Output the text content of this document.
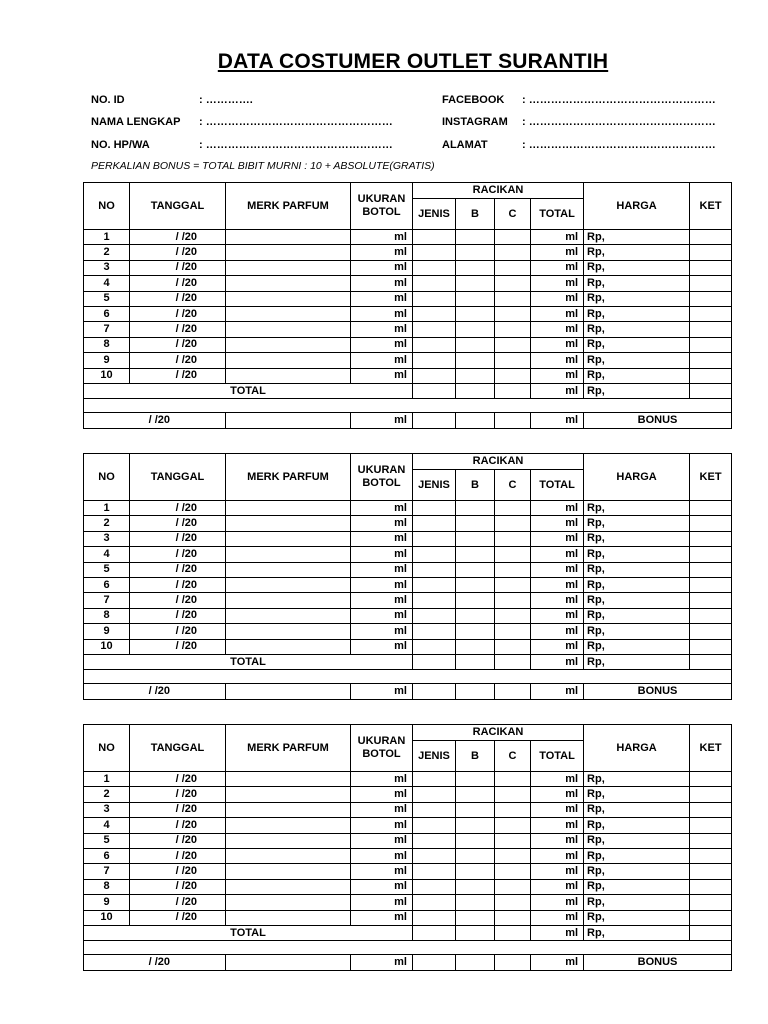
DATA COSTUMER OUTLET SURANTIH
NO. ID	: ………….
NAMA LENGKAP : ……………………………………………
NO. HP/WA	: ……………………………………………
FACEBOOK : ……………………………………………
INSTAGRAM : ……………………………………………
ALAMAT	: ……………………………………………
PERKALIAN BONUS = TOTAL BIBIT MURNI : 10 + ABSOLUTE(GRATIS)
NO	TANGGAL	MERK PARFUM	UKURAN
BOTOL	RACIKAN				HARGA	KET
				JENIS	B	C	TOTAL		
1	/ /20		ml				ml	Rp,	
2	/ /20		ml				ml	Rp,	
3	/ /20		ml				ml	Rp,	
4	/ /20		ml				ml	Rp,	
5	/ /20		ml				ml	Rp,	
6	/ /20		ml				ml	Rp,	
7	/ /20		ml				ml	Rp,	
8	/ /20		ml				ml	Rp,	
9	/ /20		ml				ml	Rp,	
10	/ /20		ml				ml	Rp,	
TOTAL							ml	Rp,	

/ /20			ml				ml	BONUS	
NO	TANGGAL	MERK PARFUM	UKURAN
BOTOL	RACIKAN				HARGA	KET
				JENIS	B	C	TOTAL		
1	/ /20		ml				ml	Rp,	
2	/ /20		ml				ml	Rp,	
3	/ /20		ml				ml	Rp,	
4	/ /20		ml				ml	Rp,	
5	/ /20		ml				ml	Rp,	
6	/ /20		ml				ml	Rp,	
7	/ /20		ml				ml	Rp,	
8	/ /20		ml				ml	Rp,	
9	/ /20		ml				ml	Rp,	
10	/ /20		ml				ml	Rp,	
TOTAL							ml	Rp,	

/ /20			ml				ml	BONUS	
NO	TANGGAL	MERK PARFUM	UKURAN
BOTOL	RACIKAN				HARGA	KET
				JENIS	B	C	TOTAL		
1	/ /20		ml				ml	Rp,	
2	/ /20		ml				ml	Rp,	
3	/ /20		ml				ml	Rp,	
4	/ /20		ml				ml	Rp,	
5	/ /20		ml				ml	Rp,	
6	/ /20		ml				ml	Rp,	
7	/ /20		ml				ml	Rp,	
8	/ /20		ml				ml	Rp,	
9	/ /20		ml				ml	Rp,	
10	/ /20		ml				ml	Rp,	
TOTAL							ml	Rp,	

/ /20			ml				ml	BONUS	
